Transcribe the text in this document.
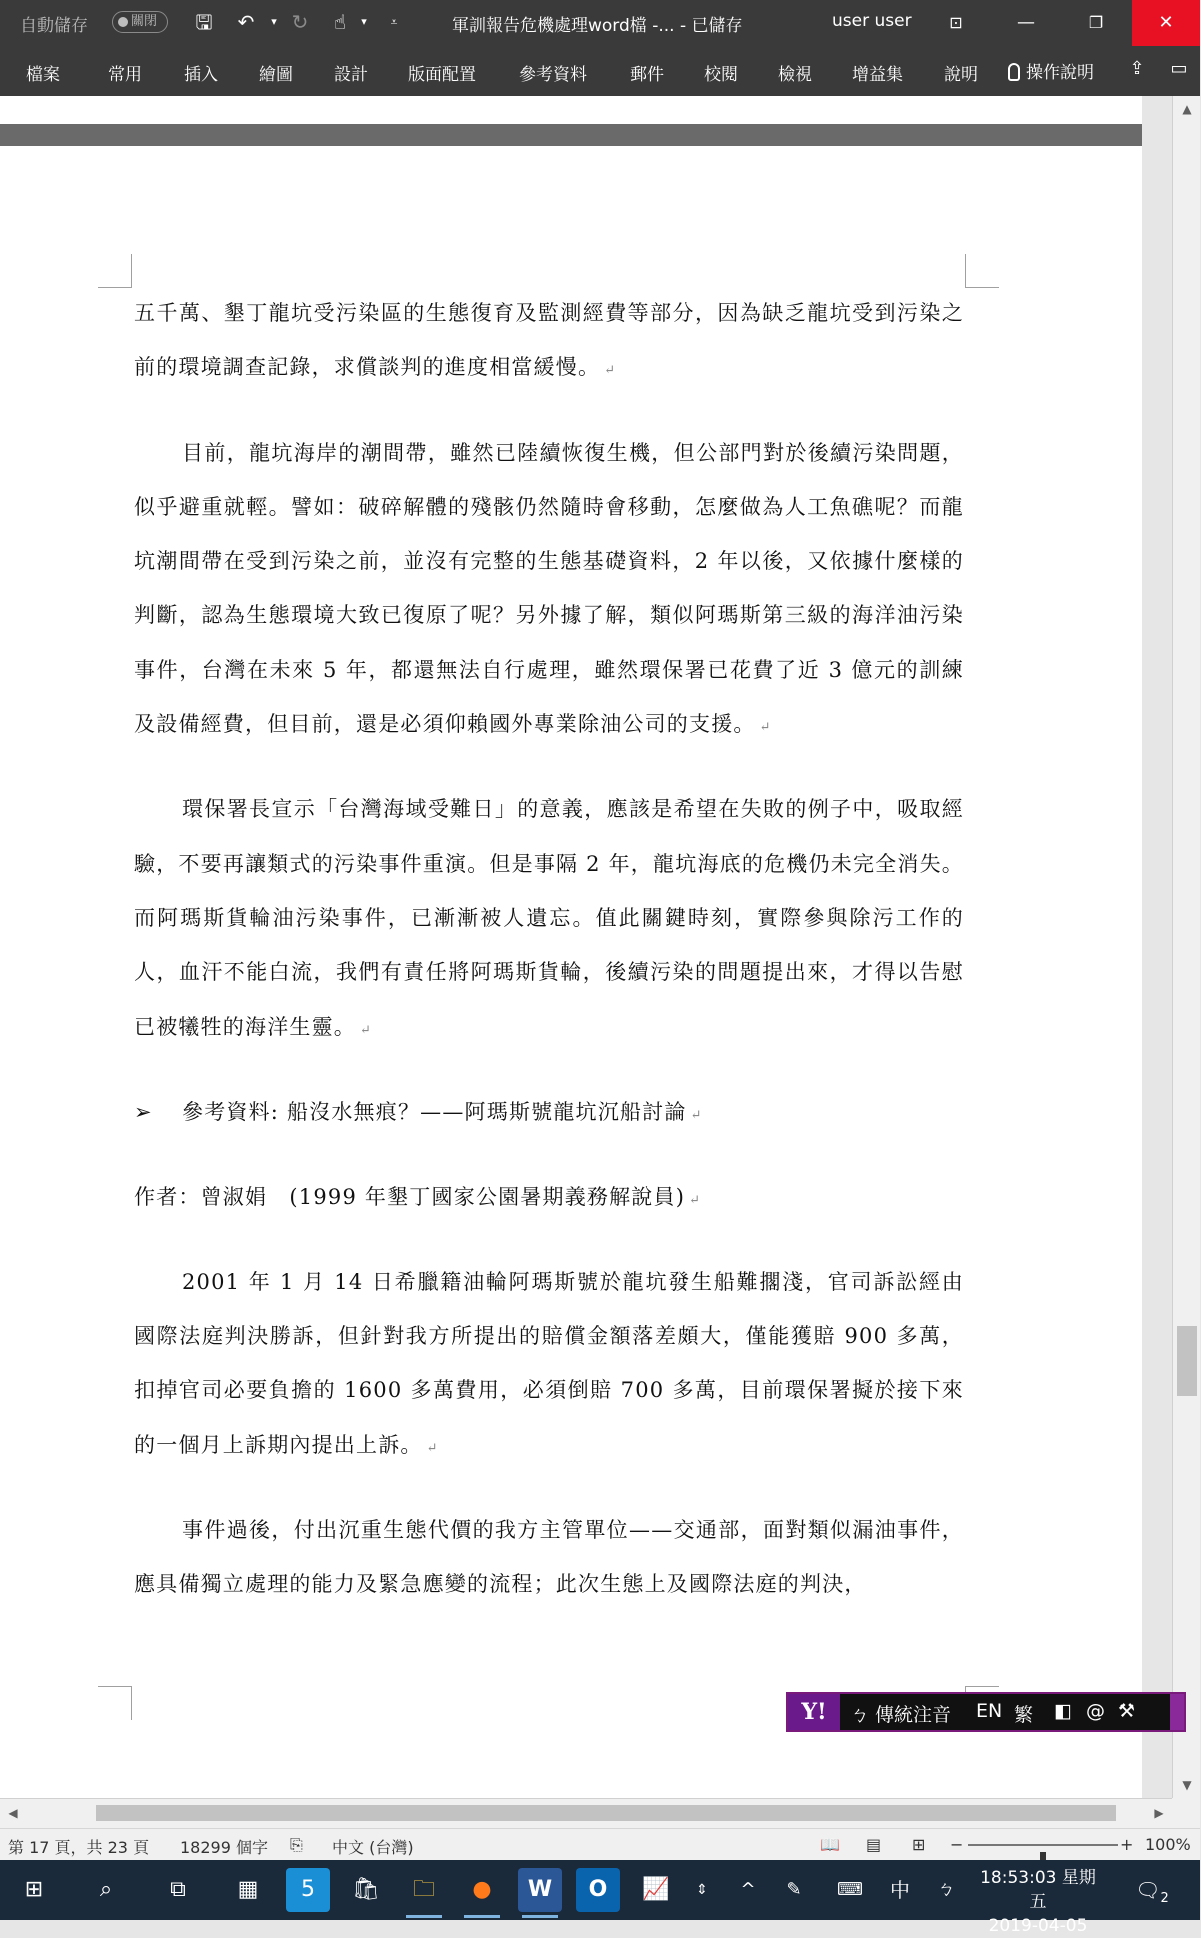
自動儲存	關閉	🖫 ↶	▾ ↻	☝	▾	⩡	軍訓報告危機處理word檔 -... - 已儲存	user user	⊡	—	❐	✕
檔案	常用 插入 繪圖 設計 版面配置	參考資料	郵件 校閱 檢視 增益集 說明	操作說明	⇪	▭

五千萬、墾丁龍坑受污染區的生態復育及監測經費等部分，因為缺乏龍坑受到污染之前的環境調查記錄，求償談判的進度相當緩慢。 ↵

目前，龍坑海岸的潮間帶，雖然已陸續恢復生機，但公部門對於後續污染問題，似乎避重就輕。譬如：破碎解體的殘骸仍然隨時會移動，怎麼做為人工魚礁呢？而龍坑潮間帶在受到污染之前，並沒有完整的生態基礎資料，2 年以後，又依據什麼樣的判斷，認為生態環境大致已復原了呢？另外據了解，類似阿瑪斯第三級的海洋油污染事件，台灣在未來 5 年，都還無法自行處理，雖然環保署已花費了近 3 億元的訓練及設備經費，但目前，還是必須仰賴國外專業除油公司的支援。 ↵

環保署長宣示「台灣海域受難日」的意義，應該是希望在失敗的例子中，吸取經驗，不要再讓類式的污染事件重演。但是事隔 2 年，龍坑海底的危機仍未完全消失。而阿瑪斯貨輪油污染事件，已漸漸被人遺忘。值此關鍵時刻，實際參與除污工作的人，血汗不能白流，我們有責任將阿瑪斯貨輪，後續污染的問題提出來，才得以告慰已被犧牲的海洋生靈。 ↵

➢ 參考資料: 船沒水無痕？——阿瑪斯號龍坑沉船討論 ↵

作者：曾淑娟　(1999 年墾丁國家公園暑期義務解說員) ↵

2001 年 1 月 14 日希臘籍油輪阿瑪斯號於龍坑發生船難擱淺，官司訴訟經由國際法庭判決勝訴，但針對我方所提出的賠償金額落差頗大，僅能獲賠 900 多萬，扣掉官司必要負擔的 1600 多萬費用，必須倒賠 700 多萬，目前環保署擬於接下來的一個月上訴期內提出上訴。 ↵

事件過後，付出沉重生態代價的我方主管單位——交通部，面對類似漏油事件，應具備獨立處理的能力及緊急應變的流程；此次生態上及國際法庭的判決，

▲
▼
Y!	ㄅ 傳統注音 EN 繁 ◧ @ ⚒
◀	▶
第 17 頁，共 23 頁 18299 個字 ⎘ 中文 (台灣)	📖 ▤ ⊞ −	+ 100%
⊞	⌕	⧉	▦	5	🛍	🗀	●	W	O	📈	⇕	^	✎	⌨	中	ㄅ
18:53:03 星期五
2019-04-05
$🗨_2$
